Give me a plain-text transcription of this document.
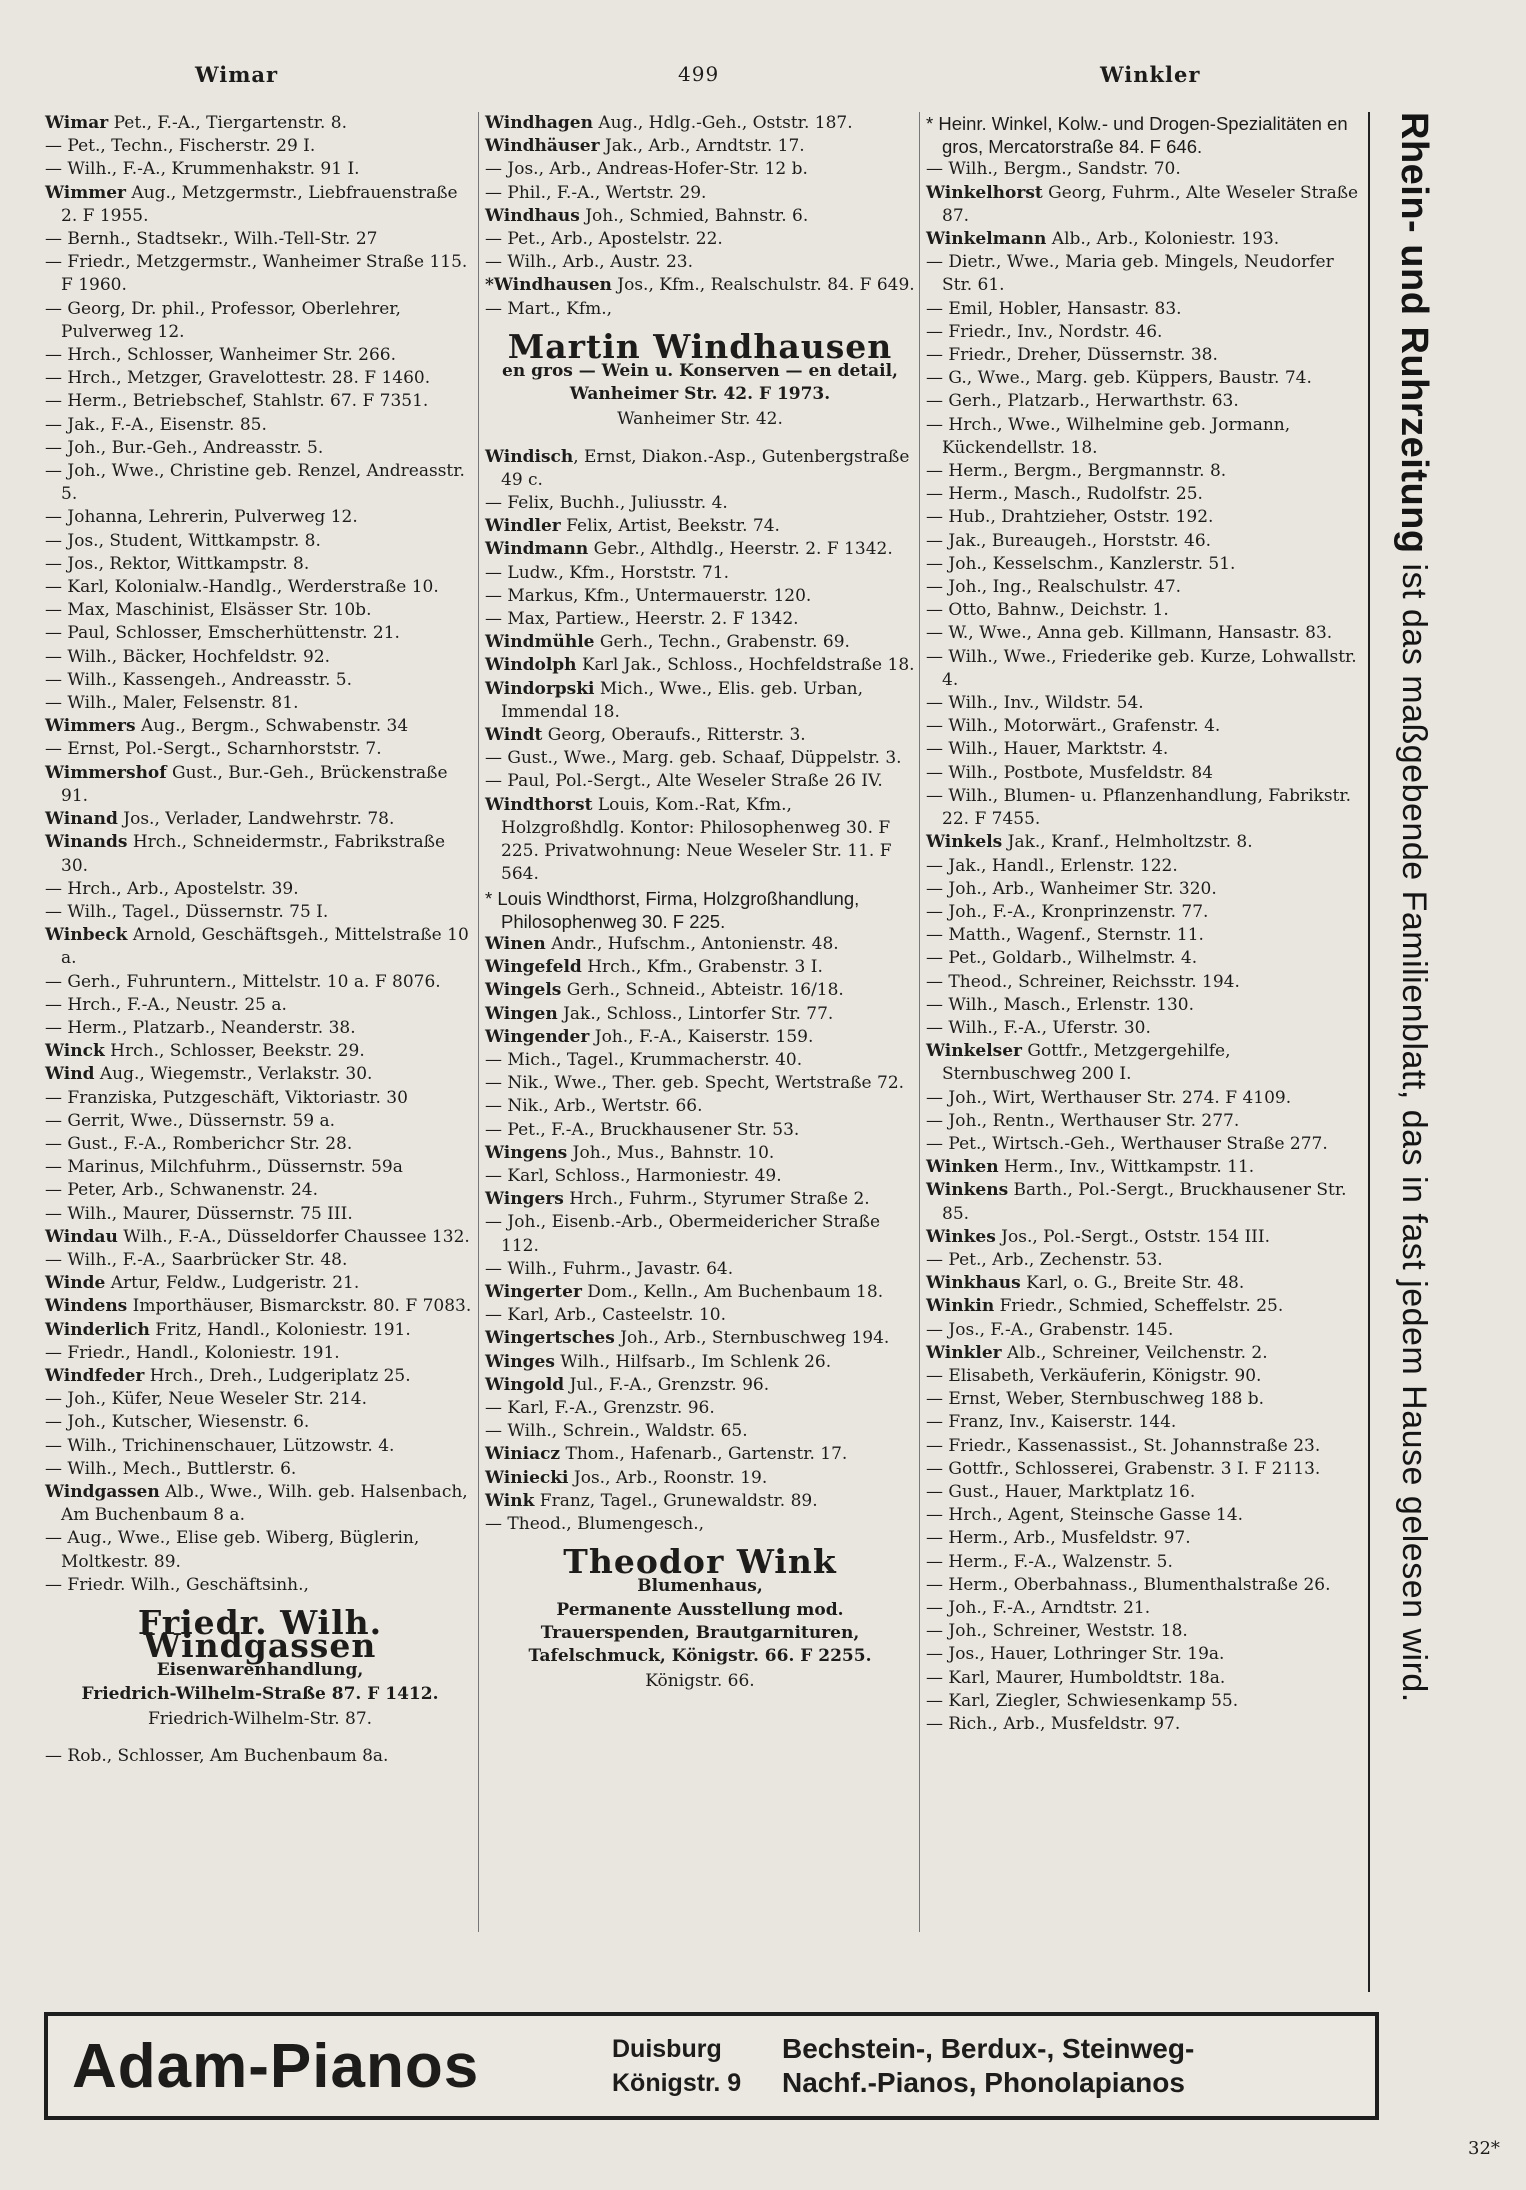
Wimar	499	Winkler

Wimar Pet., F.-A., Tiergartenstr. 8.

— Pet., Techn., Fischerstr. 29 I.

— Wilh., F.-A., Krummenhakstr. 91 I.

Wimmer Aug., Metzgermstr., Liebfrauenstraße 2. F 1955.

— Bernh., Stadtsekr., Wilh.-Tell-Str. 27

— Friedr., Metzgermstr., Wanheimer Straße 115. F 1960.

— Georg, Dr. phil., Professor, Oberlehrer, Pulverweg 12.

— Hrch., Schlosser, Wanheimer Str. 266.

— Hrch., Metzger, Gravelottestr. 28. F 1460.

— Herm., Betriebschef, Stahlstr. 67. F 7351.

— Jak., F.-A., Eisenstr. 85.

— Joh., Bur.-Geh., Andreasstr. 5.

— Joh., Wwe., Christine geb. Renzel, Andreasstr. 5.

— Johanna, Lehrerin, Pulverweg 12.

— Jos., Student, Wittkampstr. 8.

— Jos., Rektor, Wittkampstr. 8.

— Karl, Kolonialw.-Handlg., Werderstraße 10.

— Max, Maschinist, Elsässer Str. 10b.

— Paul, Schlosser, Emscherhüttenstr. 21.

— Wilh., Bäcker, Hochfeldstr. 92.

— Wilh., Kassengeh., Andreasstr. 5.

— Wilh., Maler, Felsenstr. 81.

Wimmers Aug., Bergm., Schwabenstr. 34

— Ernst, Pol.-Sergt., Scharnhorststr. 7.

Wimmershof Gust., Bur.-Geh., Brückenstraße 91.

Winand Jos., Verlader, Landwehrstr. 78.

Winands Hrch., Schneidermstr., Fabrikstraße 30.

— Hrch., Arb., Apostelstr. 39.

— Wilh., Tagel., Düssernstr. 75 I.

Winbeck Arnold, Geschäftsgeh., Mittelstraße 10 a.

— Gerh., Fuhruntern., Mittelstr. 10 a. F 8076.

— Hrch., F.-A., Neustr. 25 a.

— Herm., Platzarb., Neanderstr. 38.

Winck Hrch., Schlosser, Beekstr. 29.

Wind Aug., Wiegemstr., Verlakstr. 30.

— Franziska, Putzgeschäft, Viktoriastr. 30

— Gerrit, Wwe., Düssernstr. 59 a.

— Gust., F.-A., Romberichcr Str. 28.

— Marinus, Milchfuhrm., Düssernstr. 59a

— Peter, Arb., Schwanenstr. 24.

— Wilh., Maurer, Düssernstr. 75 III.

Windau Wilh., F.-A., Düsseldorfer Chaussee 132.

— Wilh., F.-A., Saarbrücker Str. 48.

Winde Artur, Feldw., Ludgeristr. 21.

Windens Importhäuser, Bismarckstr. 80. F 7083.

Winderlich Fritz, Handl., Koloniestr. 191.

— Friedr., Handl., Koloniestr. 191.

Windfeder Hrch., Dreh., Ludgeriplatz 25.

— Joh., Küfer, Neue Weseler Str. 214.

— Joh., Kutscher, Wiesenstr. 6.

— Wilh., Trichinenschauer, Lützowstr. 4.

— Wilh., Mech., Buttlerstr. 6.

Windgassen Alb., Wwe., Wilh. geb. Halsenbach, Am Buchenbaum 8 a.

— Aug., Wwe., Elise geb. Wiberg, Büglerin, Moltkestr. 89.

— Friedr. Wilh., Geschäftsinh.,

Friedr. Wilh. Windgassen
Eisenwarenhandlung,
Friedrich-Wilhelm-Straße 87. F 1412.
Friedrich-Wilhelm-Str. 87.

— Rob., Schlosser, Am Buchenbaum 8a.

Windhagen Aug., Hdlg.-Geh., Oststr. 187.

Windhäuser Jak., Arb., Arndtstr. 17.

— Jos., Arb., Andreas-Hofer-Str. 12 b.

— Phil., F.-A., Wertstr. 29.

Windhaus Joh., Schmied, Bahnstr. 6.

— Pet., Arb., Apostelstr. 22.

— Wilh., Arb., Austr. 23.

*Windhausen Jos., Kfm., Realschulstr. 84. F 649.

— Mart., Kfm.,

Martin Windhausen
en gros — Wein u. Konserven — en detail,
Wanheimer Str. 42. F 1973.
Wanheimer Str. 42.

Windisch, Ernst, Diakon.-Asp., Gutenbergstraße 49 c.

— Felix, Buchh., Juliusstr. 4.

Windler Felix, Artist, Beekstr. 74.

Windmann Gebr., Althdlg., Heerstr. 2. F 1342.

— Ludw., Kfm., Horststr. 71.

— Markus, Kfm., Untermauerstr. 120.

— Max, Partiew., Heerstr. 2. F 1342.

Windmühle Gerh., Techn., Grabenstr. 69.

Windolph Karl Jak., Schloss., Hochfeldstraße 18.

Windorpski Mich., Wwe., Elis. geb. Urban, Immendal 18.

Windt Georg, Oberaufs., Ritterstr. 3.

— Gust., Wwe., Marg. geb. Schaaf, Düppelstr. 3.

— Paul, Pol.-Sergt., Alte Weseler Straße 26 IV.

Windthorst Louis, Kom.-Rat, Kfm., Holzgroßhdlg. Kontor: Philosophenweg 30. F 225. Privatwohnung: Neue Weseler Str. 11. F 564.

* Louis Windthorst, Firma, Holzgroßhandlung, Philosophenweg 30. F 225.

Winen Andr., Hufschm., Antonienstr. 48.

Wingefeld Hrch., Kfm., Grabenstr. 3 I.

Wingels Gerh., Schneid., Abteistr. 16/18.

Wingen Jak., Schloss., Lintorfer Str. 77.

Wingender Joh., F.-A., Kaiserstr. 159.

— Mich., Tagel., Krummacherstr. 40.

— Nik., Wwe., Ther. geb. Specht, Wertstraße 72.

— Nik., Arb., Wertstr. 66.

— Pet., F.-A., Bruckhausener Str. 53.

Wingens Joh., Mus., Bahnstr. 10.

— Karl, Schloss., Harmoniestr. 49.

Wingers Hrch., Fuhrm., Styrumer Straße 2.

— Joh., Eisenb.-Arb., Obermeidericher Straße 112.

— Wilh., Fuhrm., Javastr. 64.

Wingerter Dom., Kelln., Am Buchenbaum 18.

— Karl, Arb., Casteelstr. 10.

Wingertsches Joh., Arb., Sternbuschweg 194.

Winges Wilh., Hilfsarb., Im Schlenk 26.

Wingold Jul., F.-A., Grenzstr. 96.

— Karl, F.-A., Grenzstr. 96.

— Wilh., Schrein., Waldstr. 65.

Winiacz Thom., Hafenarb., Gartenstr. 17.

Winiecki Jos., Arb., Roonstr. 19.

Wink Franz, Tagel., Grunewaldstr. 89.

— Theod., Blumengesch.,

Theodor Wink
Blumenhaus,
Permanente Ausstellung mod. Trauerspenden, Brautgarnituren, Tafelschmuck, Königstr. 66. F 2255.
Königstr. 66.

* Heinr. Winkel, Kolw.- und Drogen-Spezialitäten en gros, Mercatorstraße 84. F 646.

— Wilh., Bergm., Sandstr. 70.

Winkelhorst Georg, Fuhrm., Alte Weseler Straße 87.

Winkelmann Alb., Arb., Koloniestr. 193.

— Dietr., Wwe., Maria geb. Mingels, Neudorfer Str. 61.

— Emil, Hobler, Hansastr. 83.

— Friedr., Inv., Nordstr. 46.

— Friedr., Dreher, Düssernstr. 38.

— G., Wwe., Marg. geb. Küppers, Baustr. 74.

— Gerh., Platzarb., Herwarthstr. 63.

— Hrch., Wwe., Wilhelmine geb. Jormann, Kückendellstr. 18.

— Herm., Bergm., Bergmannstr. 8.

— Herm., Masch., Rudolfstr. 25.

— Hub., Drahtzieher, Oststr. 192.

— Jak., Bureaugeh., Horststr. 46.

— Joh., Kesselschm., Kanzlerstr. 51.

— Joh., Ing., Realschulstr. 47.

— Otto, Bahnw., Deichstr. 1.

— W., Wwe., Anna geb. Killmann, Hansastr. 83.

— Wilh., Wwe., Friederike geb. Kurze, Lohwallstr. 4.

— Wilh., Inv., Wildstr. 54.

— Wilh., Motorwärt., Grafenstr. 4.

— Wilh., Hauer, Marktstr. 4.

— Wilh., Postbote, Musfeldstr. 84

— Wilh., Blumen- u. Pflanzenhandlung, Fabrikstr. 22. F 7455.

Winkels Jak., Kranf., Helmholtzstr. 8.

— Jak., Handl., Erlenstr. 122.

— Joh., Arb., Wanheimer Str. 320.

— Joh., F.-A., Kronprinzenstr. 77.

— Matth., Wagenf., Sternstr. 11.

— Pet., Goldarb., Wilhelmstr. 4.

— Theod., Schreiner, Reichsstr. 194.

— Wilh., Masch., Erlenstr. 130.

— Wilh., F.-A., Uferstr. 30.

Winkelser Gottfr., Metzgergehilfe, Sternbuschweg 200 I.

— Joh., Wirt, Werthauser Str. 274. F 4109.

— Joh., Rentn., Werthauser Str. 277.

— Pet., Wirtsch.-Geh., Werthauser Straße 277.

Winken Herm., Inv., Wittkampstr. 11.

Winkens Barth., Pol.-Sergt., Bruckhausener Str. 85.

Winkes Jos., Pol.-Sergt., Oststr. 154 III.

— Pet., Arb., Zechenstr. 53.

Winkhaus Karl, o. G., Breite Str. 48.

Winkin Friedr., Schmied, Scheffelstr. 25.

— Jos., F.-A., Grabenstr. 145.

Winkler Alb., Schreiner, Veilchenstr. 2.

— Elisabeth, Verkäuferin, Königstr. 90.

— Ernst, Weber, Sternbuschweg 188 b.

— Franz, Inv., Kaiserstr. 144.

— Friedr., Kassenassist., St. Johannstraße 23.

— Gottfr., Schlosserei, Grabenstr. 3 I. F 2113.

— Gust., Hauer, Marktplatz 16.

— Hrch., Agent, Steinsche Gasse 14.

— Herm., Arb., Musfeldstr. 97.

— Herm., F.-A., Walzenstr. 5.

— Herm., Oberbahnass., Blumenthalstraße 26.

— Joh., F.-A., Arndtstr. 21.

— Joh., Schreiner, Weststr. 18.

— Jos., Hauer, Lothringer Str. 19a.

— Karl, Maurer, Humboldtstr. 18a.

— Karl, Ziegler, Schwiesenkamp 55.

— Rich., Arb., Musfeldstr. 97.

Rhein- und Ruhrzeitung ist das maßgebende Familienblatt, das in fast jedem Hause gelesen wird.
Adam-Pianos	Duisburg
Königstr. 9
Bechstein-, Berdux-, Steinweg-
Nachf.-Pianos, Phonolapianos
32*
